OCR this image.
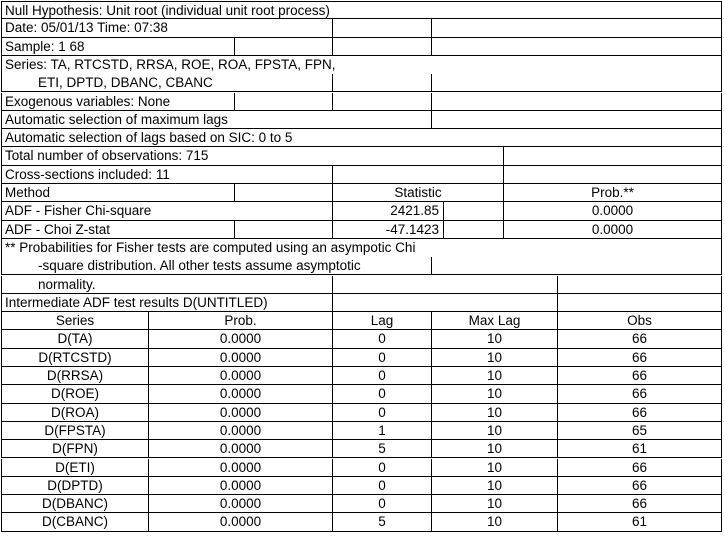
Null Hypothesis: Unit root (individual unit root process)
Date: 05/01/13 Time: 07:38
Sample: 1 68
Series: TA, RTCSTD, RRSA, ROE, ROA, FPSTA, FPN,
ETI, DPTD, DBANC, CBANC
Exogenous variables: None
Automatic selection of maximum lags
Automatic selection of lags based on SIC: 0 to 5
Total number of observations: 715
Cross-sections included: 11
Method	Statistic	Prob.**
ADF - Fisher Chi-square	2421.85	0.0000
ADF - Choi Z-stat	-47.1423	0.0000
** Probabilities for Fisher tests are computed using an asympotic Chi
-square distribution. All other tests assume asymptotic
normality.
Intermediate ADF test results D(UNTITLED)
Series	Prob.	Lag	Max Lag	Obs
D(TA)	0.0000	0	10	66
D(RTCSTD)	0.0000	0	10	66
D(RRSA)	0.0000	0	10	66
D(ROE)	0.0000	0	10	66
D(ROA)	0.0000	0	10	66
D(FPSTA)	0.0000	1	10	65
D(FPN)	0.0000	5	10	61
D(ETI)	0.0000	0	10	66
D(DPTD)	0.0000	0	10	66
D(DBANC)	0.0000	0	10	66
D(CBANC)	0.0000	5	10	61
